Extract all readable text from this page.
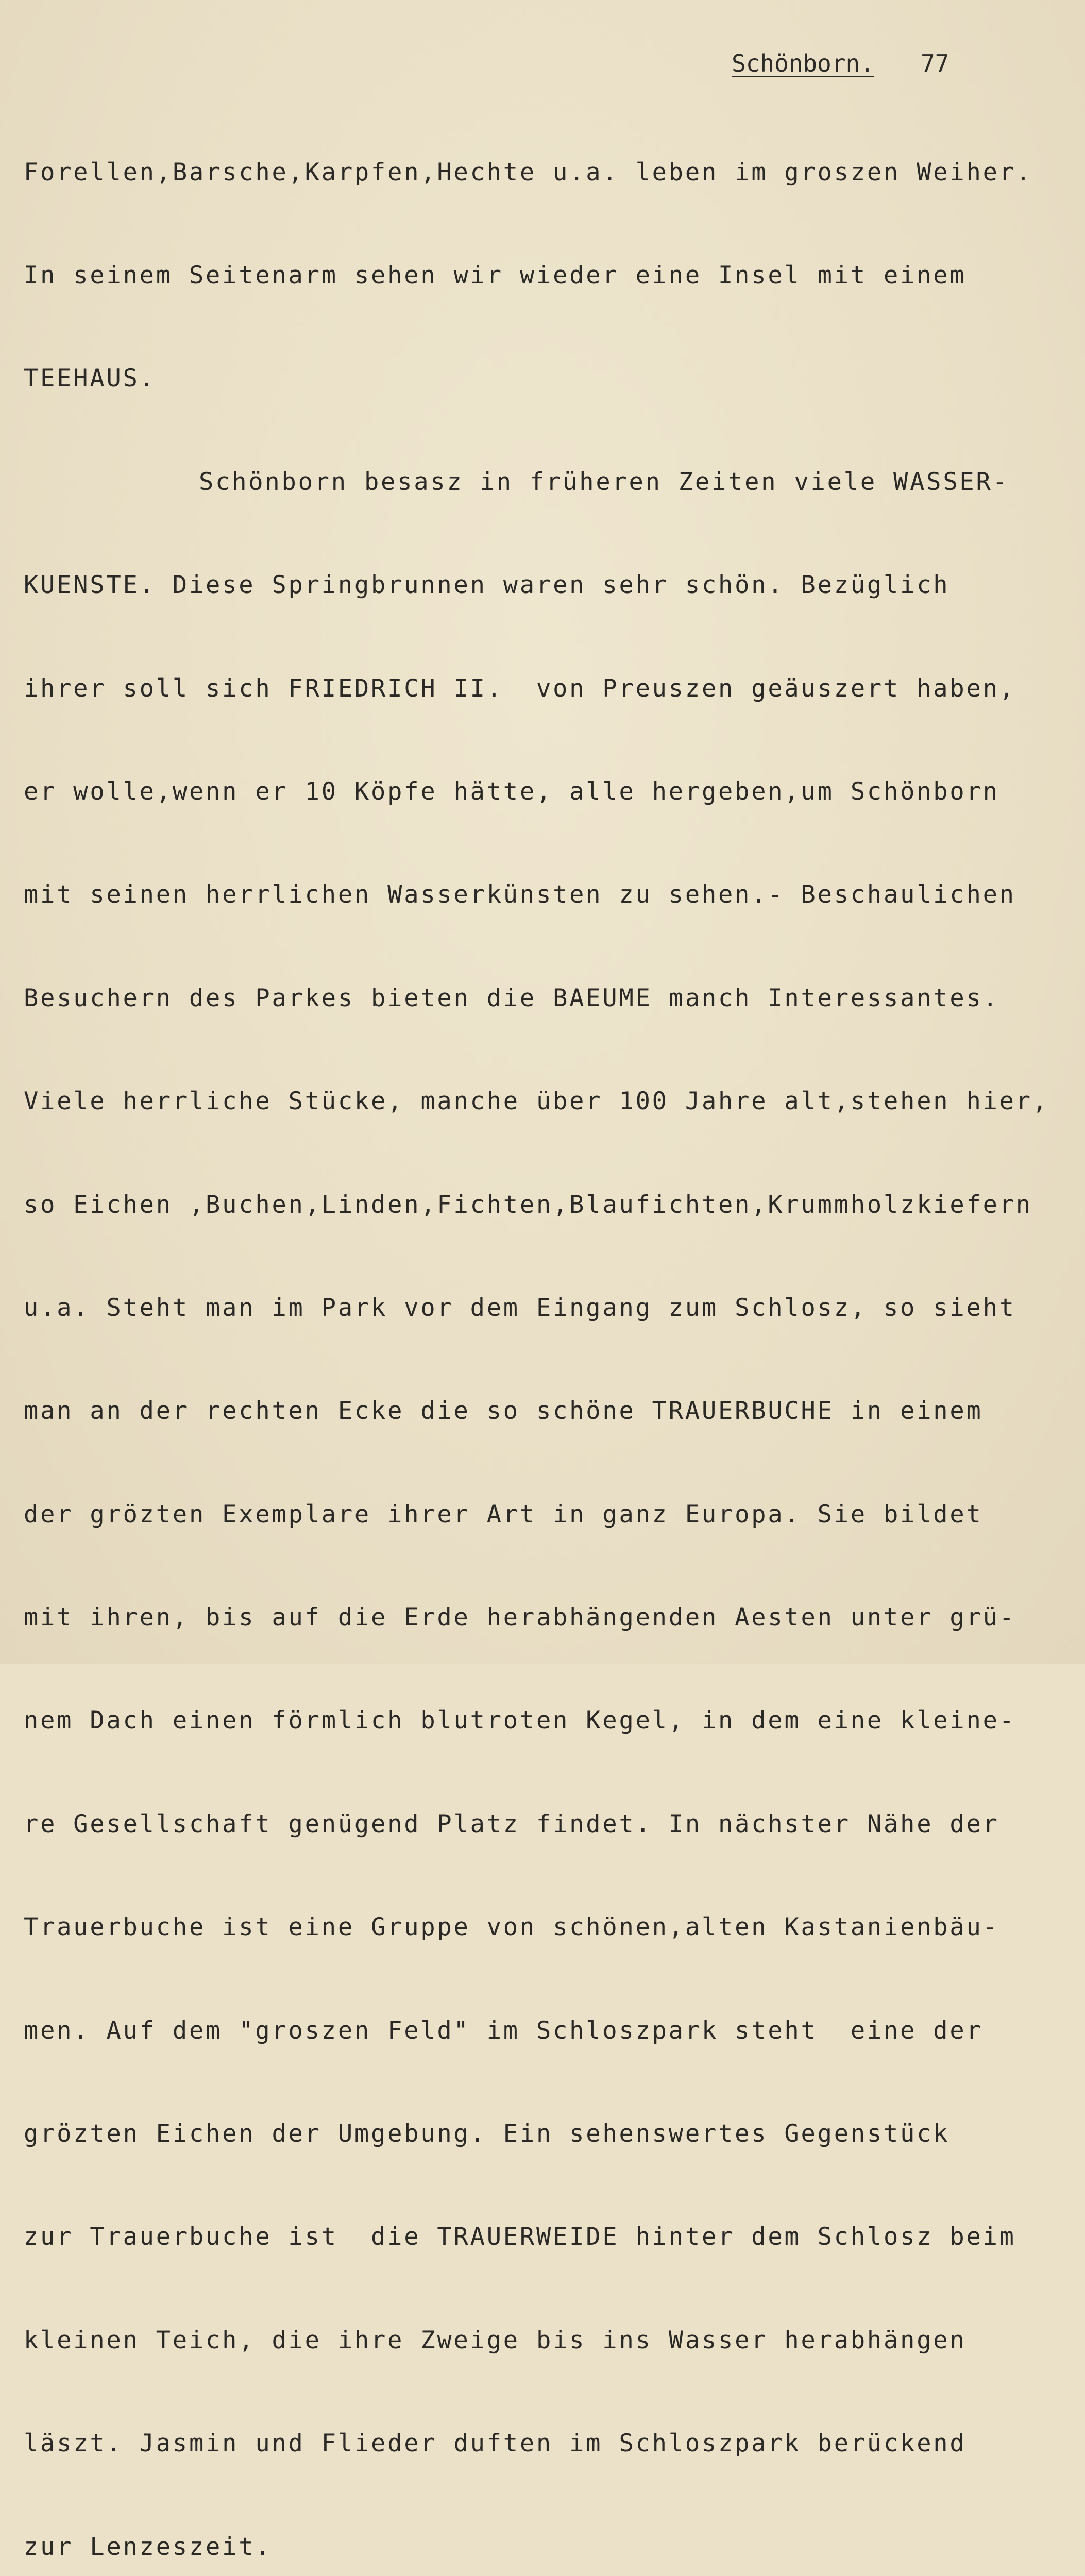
Schönborn. 77

Forellen,Barsche,Karpfen,Hechte u.a. leben im groszen Weiher.

In seinem Seitenarm sehen wir wieder eine Insel mit einem

TEEHAUS.

Schönborn besasz in früheren Zeiten viele WASSER-

KUENSTE. Diese Springbrunnen waren sehr schön. Bezüglich

ihrer soll sich FRIEDRICH II.  von Preuszen geäuszert haben,

er wolle,wenn er 10 Köpfe hätte, alle hergeben,um Schönborn

mit seinen herrlichen Wasserkünsten zu sehen.- Beschaulichen

Besuchern des Parkes bieten die BAEUME manch Interessantes.

Viele herrliche Stücke, manche über 100 Jahre alt,stehen hier,

so Eichen ,Buchen,Linden,Fichten,Blaufichten,Krummholzkiefern

u.a. Steht man im Park vor dem Eingang zum Schlosz, so sieht

man an der rechten Ecke die so schöne TRAUERBUCHE in einem

der grözten Exemplare ihrer Art in ganz Europa. Sie bildet

mit ihren, bis auf die Erde herabhängenden Aesten unter grü-

nem Dach einen förmlich blutroten Kegel, in dem eine kleine-

re Gesellschaft genügend Platz findet. In nächster Nähe der

Trauerbuche ist eine Gruppe von schönen,alten Kastanienbäu-

men. Auf dem "groszen Feld" im Schloszpark steht  eine der

grözten Eichen der Umgebung. Ein sehenswertes Gegenstück

zur Trauerbuche ist  die TRAUERWEIDE hinter dem Schlosz beim

kleinen Teich, die ihre Zweige bis ins Wasser herabhängen

läszt. Jasmin und Flieder duften im Schloszpark berückend

zur Lenzeszeit.
